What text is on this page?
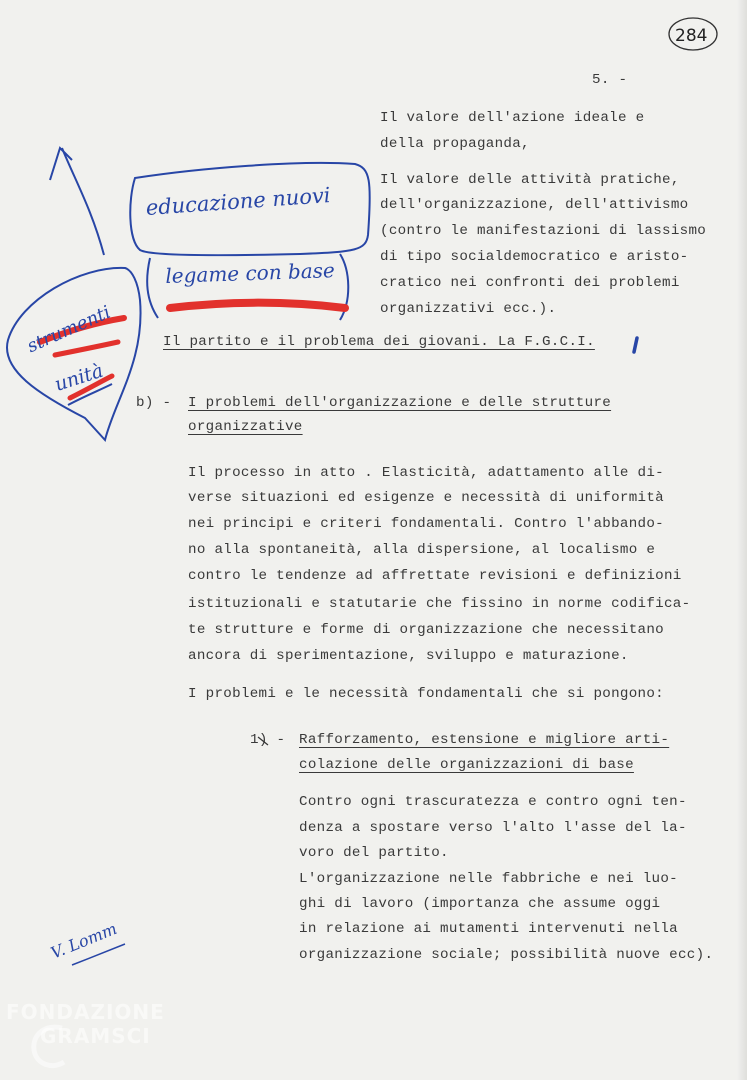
284
5. -
Il valore dell'azione ideale e
della propaganda,
Il valore delle attività pratiche,
dell'organizzazione, dell'attivismo
(contro le manifestazioni di lassismo
di tipo socialdemocratico e aristo-
cratico nei confronti dei problemi
organizzativi ecc.).
Il partito e il problema dei giovani. La F.G.C.I.
b) - I problemi dell'organizzazione e delle strutture
organizzative
Il processo in atto . Elasticità, adattamento alle di-
verse situazioni ed esigenze e necessità di uniformità
nei principi e criteri fondamentali. Contro l'abbando-
no alla spontaneità, alla dispersione, al localismo e
contro le tendenze ad affrettate revisioni e definizioni
istituzionali e statutarie che fissino in norme codifica-
te strutture e forme di organizzazione che necessitano
ancora di sperimentazione, sviluppo e maturazione.
I problemi e le necessità fondamentali che si pongono:
1) - Rafforzamento, estensione e migliore arti-
colazione delle organizzazioni di base
Contro ogni trascuratezza e contro ogni ten-
denza a spostare verso l'alto l'asse del la-
voro del partito.
L'organizzazione nelle fabbriche e nei luo-
ghi di lavoro (importanza che assume oggi
in relazione ai mutamenti intervenuti nella
organizzazione sociale; possibilità nuove ecc).
educazione nuovi
legame con base
strumenti
unità
V. Lomm
FONDAZIONE
GRAMSCI
